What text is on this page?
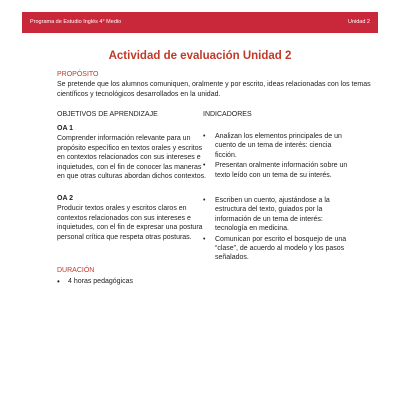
Programa de Estudio Inglés 4° Medio	Unidad 2
Actividad de evaluación Unidad 2
PROPÓSITO
Se pretende que los alumnos comuniquen, oralmente y por escrito, ideas relacionadas con los temas
científicos y tecnológicos desarrollados en la unidad.
OBJETIVOS DE APRENDIZAJE	INDICADORES
OA 1
Comprender información relevante para un
propósito específico en textos orales y escritos
en contextos relacionados con sus intereses e
inquietudes, con el fin de conocer las maneras
en que otras culturas abordan dichos contextos.
• Analizan los elementos principales de un
cuento de un tema de interés: ciencia
ficción.
• Presentan oralmente información sobre un
texto leído con un tema de su interés.
OA 2
Producir textos orales y escritos claros en
contextos relacionados con sus intereses e
inquietudes, con el fin de expresar una postura
personal crítica que respeta otras posturas.
• Escriben un cuento, ajustándose a la
estructura del texto, guiados por la
información de un tema de interés:
tecnología en medicina.
• Comunican por escrito el bosquejo de una
“clase”, de acuerdo al modelo y los pasos
señalados.
DURACIÓN
• 4 horas pedagógicas
